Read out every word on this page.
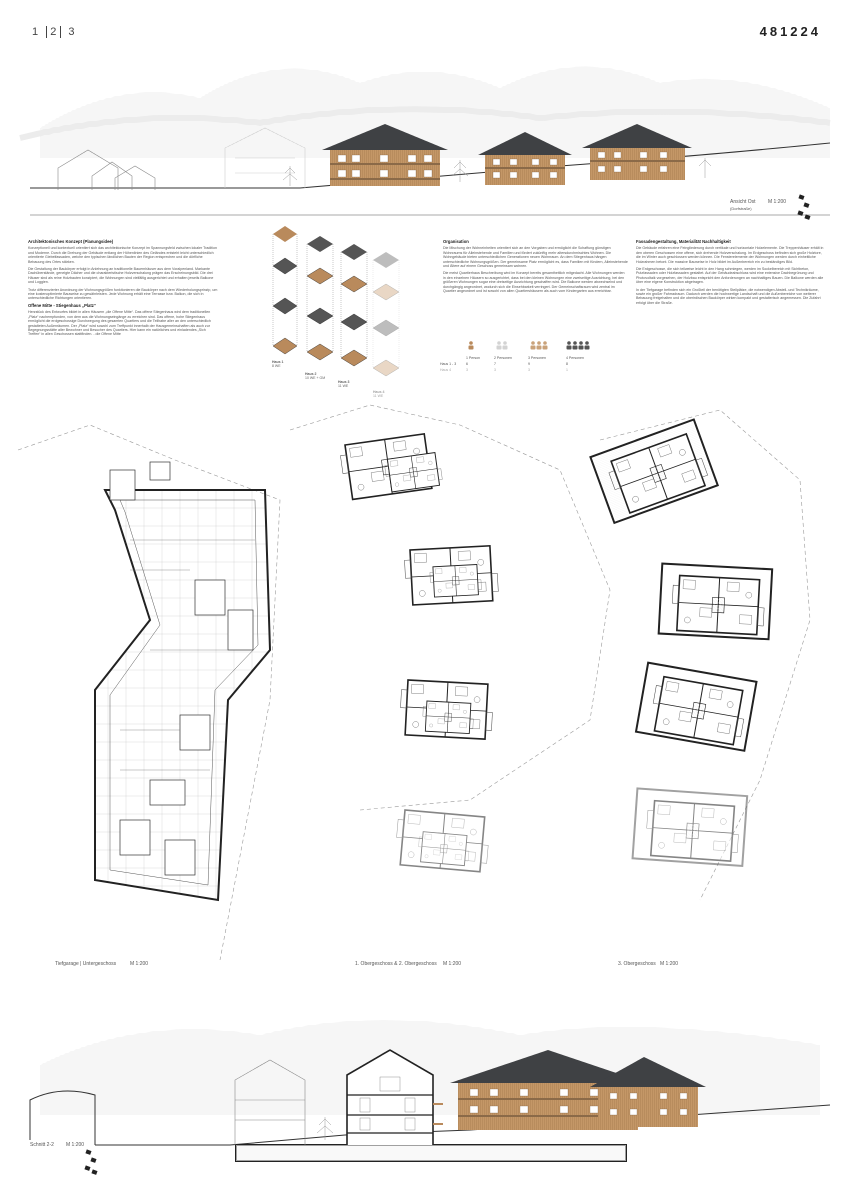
1 2 3	481224
Ansicht Ost
(Dorfstraße)
M 1:200
Architektonisches Konzept (Planungsidee)

Konzeptionell und kontextuell orientiert sich das architektonische Konzept im Spannungsfeld zwischen lokaler Tradition und Moderne. Durch die Drehung der Gebäude entlang der Höhenlinien des Geländes entsteht leicht unterschiedlich orientierte Giebelfassaden, welche den typischen ländlichen Bauten der Region entsprechen und die dörfliche Bebauung des Ortes stärken.

Die Gestaltung der Baukörper erfolgt in Anlehnung an traditionelle Bauernhäuser aus dem Voralpenland. Markante Dachüberstände, geneigte Dächer und die charakteristische Holzverschalung prägen das Erscheinungsbild. Die drei Häuser sind als reine Holzbauten konzipiert, die Wohnungen sind vielfältig ausgerichtet und erhalten jeweils Balkone und Loggien.

Trotz differenzierter Anordnung der Wohnungsgrößen funktionieren die Baukörper nach dem Wiederholungsprinzip, um eine kostenoptimierte Bauweise zu gewährleisten. Jede Wohnung erhält eine Terrasse bzw. Balkon, die sich in unterschiedliche Richtungen orientieren.

Offene Mitte - Stiegenhaus „Platz“

Herzstück des Entwurfes bildet in allen Häusern „die Offene Mitte“. Das offene Stiegenhaus wird dem traditionellen „Platz“ nachempfunden, von dem aus die Wohnungseingänge zu erreichen sind. Das offene, hohe Stiegenhaus ermöglicht die erdgeschossige Durchwegung des gesamten Quartiers und die Teilhabe aller an den unterschiedlich gestalteten Außenräumen. Der „Platz“ wird sowohl zum Treffpunkt innerhalb der Hausgemeinschaften als auch zur Begegnungsstätte aller Bewohner und Besucher des Quartiers. Hier kann ein natürliches und einladendes „Sich Treffen“ in allen Geschossen stattfinden. - die Offene Mitte

Haus 1
8 WE
Haus 2
10 WE + GM
Haus 3
11 WE
Haus 4
11 WE
Organisation

Die Mischung der Wohneinheiten orientiert sich an den Vorgaben und ermöglicht die Schaffung günstigen Wohnraums für Alleinstehende und Familien und fördert zukünftig mehr altersdurchmischtes Wohnen. Die Wohngebäude bieten unterschiedlichen Generationen neuen Wohnraum. An dem Stiegenhaus hängen unterschiedliche Wohnungsgrößen. Der gemeinsame Platz ermöglicht es, dass Familien mit Kindern, Alleinstehende und Ältere auf einem Geschoss gemeinsam wohnen.

Die meist Quartierhaus Beschreibung wird im Konzept bereits gesamtheitlich mitgedacht. Alle Wohnungen werden in den einzelnen Häusern so ausgerichtet, dass bei den kleinen Wohnungen eine zweiseitige Ausrichtung, bei den größeren Wohnungen sogar eine dreiseitige Ausrichtung geschaffen wird. Die Balkone werden abwechselnd und durchgängig angeordnet, wodurch sich die Einsehbarkeit verringert. Der Gemeinschaftsraum wird zentral im Quartier angeordnet und ist sowohl von allen Quartiershäusern als auch vom Kindergarten aus erreichbar.

	1 Person	2 Personen	3 Personen	4 Personen
Haus 1 - 3	6	7	9	8
Haus 4	3	3	3	1
Fassadengestaltung, Materialität Nachhaltigkeit

Die Gebäude erfahren eine Feingliederung durch vertikale und horizontale Holzelemente. Die Treppenhäuser erhält in den oberen Geschossen eine offene, sich drehende Holzverschalung. Im Erdgeschoss befinden sich große Holztore, die im Winter auch geschlossen werden können. Die Fensterelemente der Wohnungen werden durch einheitliche Holzrahmen betont. Die massive Bauweise in Holz bildet im Außenbereich ein zu beständiges Bild.

Die Erdgeschosse, die sich teilweise leicht in den Hang schmiegen, werden im Sockelbereich mit Sichtbeton, Putzfassaden oder Holzfassaden gestaltet. Auf der Gebäudeabschluss wird eine extensive Dachbegrünung und Photovoltaik vorgesehen, der Holzbau entspricht den Anforderungen an nachhaltiges Bauen. Die Balkone werden alle über eine eigene Konstruktion abgetragen.

In der Tiefgarage befinden sich ein Großteil der benötigten Stellplätze, die notwendigen Abstell- und Technikräume, sowie ein großer Fahrradraum. Dadurch werden die hochwertige Landschaft und die Außenbereiche von weiterer Bebauung freigehalten und die oberirdischen Baukörper wirken kompakt und gestalterisch angemessen. Die Zufahrt erfolgt über die Straße.

Tiefgarage | Untergeschoss	M 1:200	1. Obergeschoss & 2. Obergeschoss M 1:200	3. Obergeschoss M 1:200
Schnitt 2-2 M 1:200
